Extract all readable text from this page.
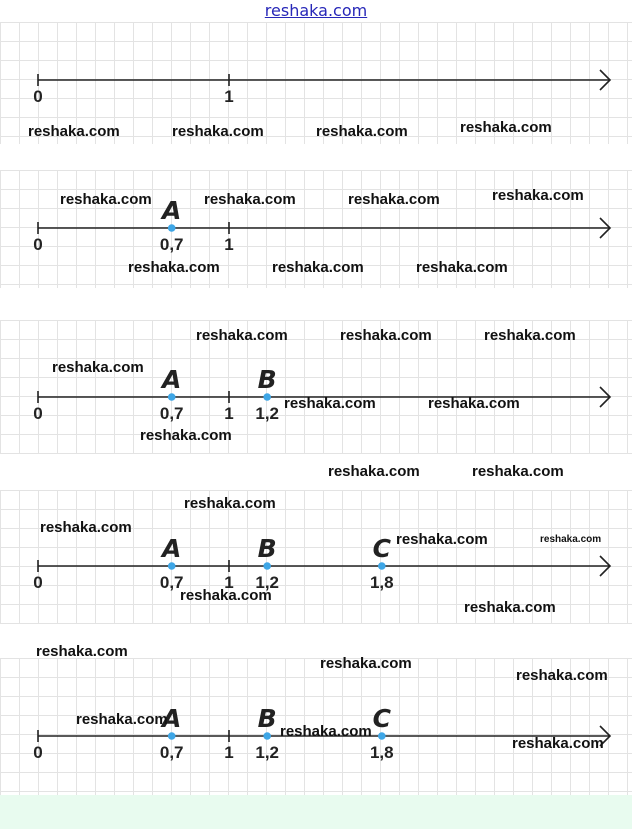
reshaka.com
0	1
0	0,7 1
A
0	0,7 1 1,2
A	B
0	0,7 1 1,2	1,8
A	B	C
0	0,7 1 1,2	1,8
A	B	C
reshaka.com	reshaka.com	reshaka.com	reshaka.com
reshaka.com	reshaka.com	reshaka.com	reshaka.com
reshaka.com	reshaka.com	reshaka.com
reshaka.com	reshaka.com	reshaka.com
reshaka.com
reshaka.com	reshaka.com
reshaka.com
reshaka.com	reshaka.com
reshaka.com
reshaka.com
reshaka.com	reshaka.com
reshaka.com
reshaka.com
reshaka.com
reshaka.com
reshaka.com
reshaka.com
reshaka.com
reshaka.com
